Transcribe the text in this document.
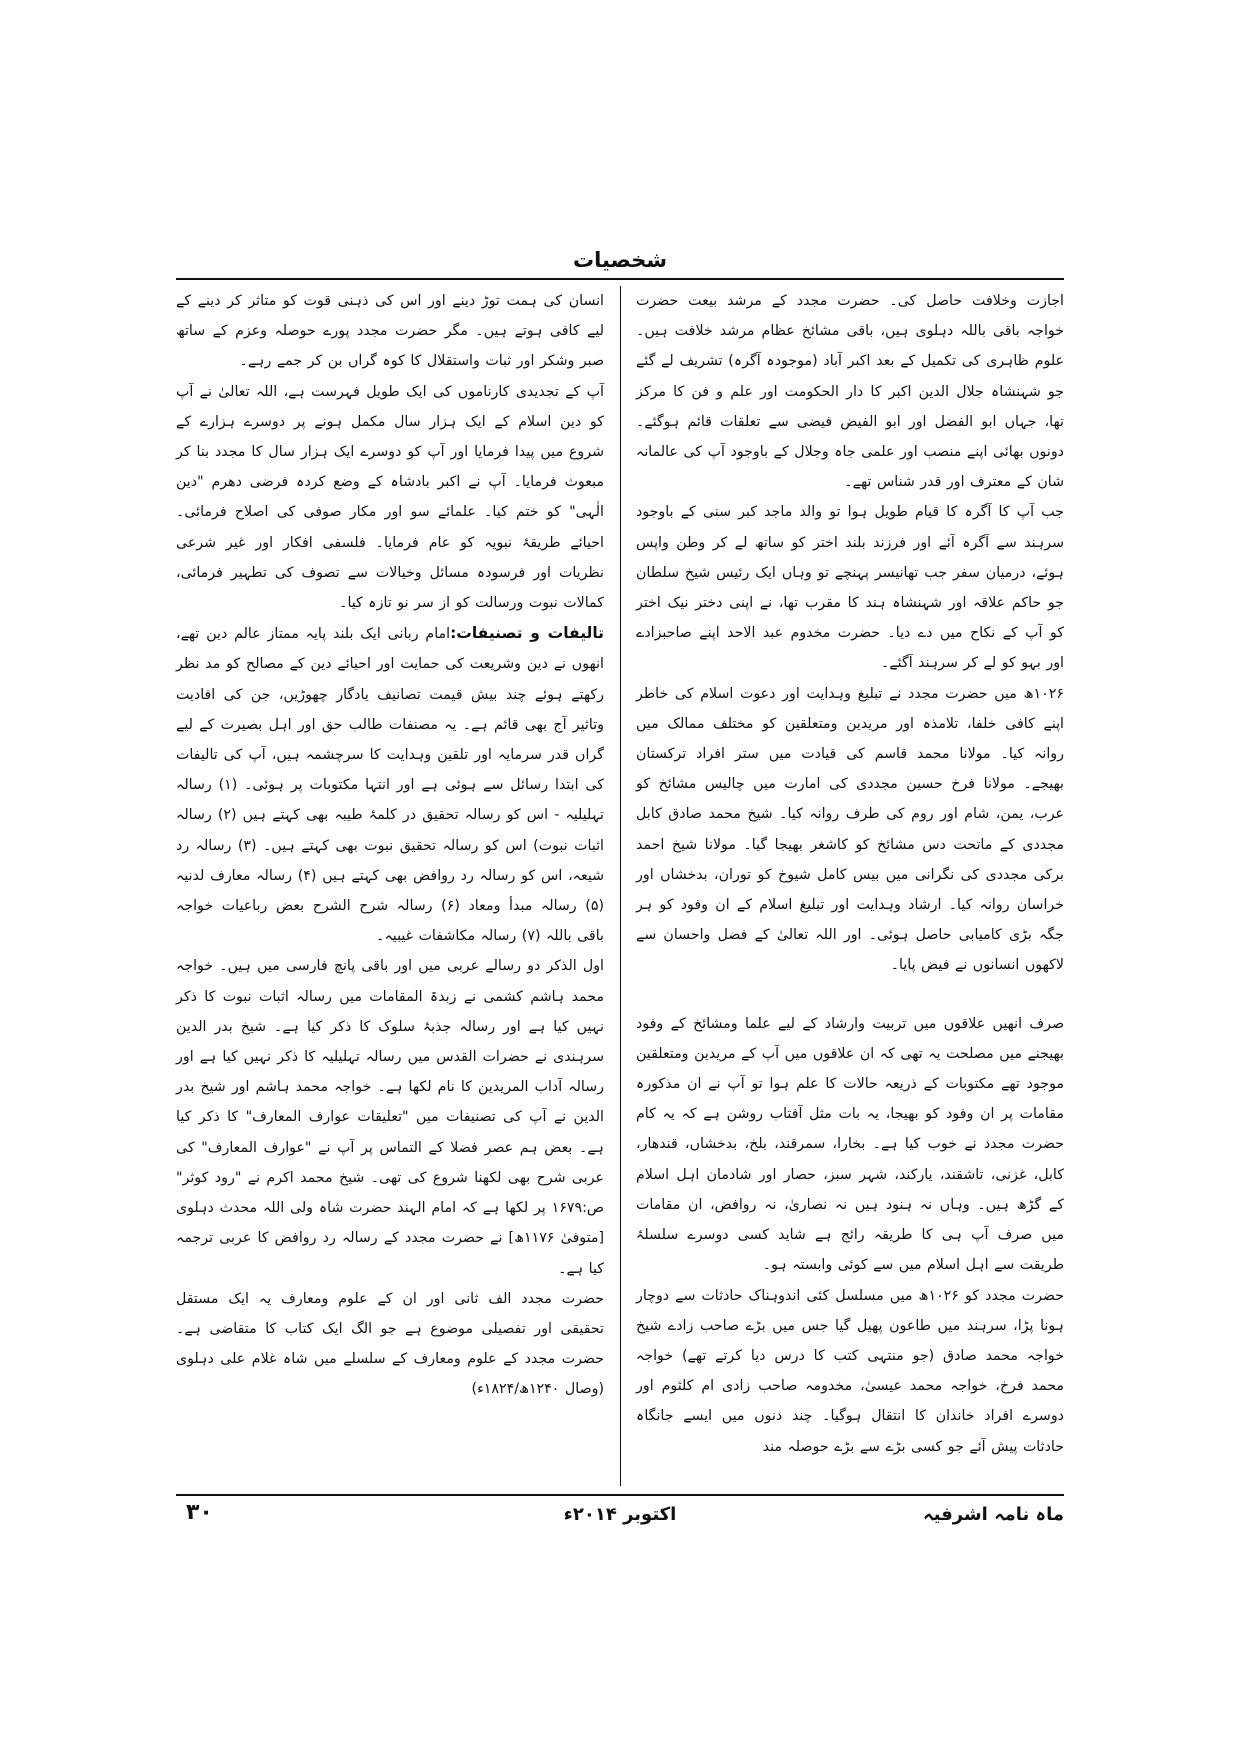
شخصیات

اجازت وخلافت حاصل کی۔ حضرت مجدد کے مرشد بیعت حضرت خواجہ باقی باللہ دہلوی ہیں، باقی مشائخ عظام مرشد خلافت ہیں۔ علوم ظاہری کی تکمیل کے بعد اکبر آباد (موجودہ آگرہ) تشریف لے گئے جو شہنشاہ جلال الدین اکبر کا دار الحکومت اور علم و فن کا مرکز تھا، جہاں ابو الفضل اور ابو الفیض فیضی سے تعلقات قائم ہوگئے۔ دونوں بھائی اپنے منصب اور علمی جاہ وجلال کے باوجود آپ کی عالمانہ شان کے معترف اور قدر شناس تھے۔

جب آپ کا آگرہ کا قیام طویل ہوا تو والد ماجد کبر سنی کے باوجود سرہند سے آگرہ آئے اور فرزند بلند اختر کو ساتھ لے کر وطن واپس ہوئے، درمیان سفر جب تھانیسر پہنچے تو وہاں ایک رئیس شیخ سلطان جو حاکم علاقہ اور شہنشاہ ہند کا مقرب تھا، نے اپنی دختر نیک اختر کو آپ کے نکاح میں دے دیا۔ حضرت مخدوم عبد الاحد اپنے صاحبزادے اور بہو کو لے کر سرہند آگئے۔

۱۰۲۶ھ میں حضرت مجدد نے تبلیغ وہدایت اور دعوت اسلام کی خاطر اپنے کافی خلفا، تلامذہ اور مریدین ومتعلقین کو مختلف ممالک میں روانہ کیا۔ مولانا محمد قاسم کی قیادت میں ستر افراد ترکستان بھیجے۔ مولانا فرخ حسین مجددی کی امارت میں چالیس مشائخ کو عرب، یمن، شام اور روم کی طرف روانہ کیا۔ شیخ محمد صادق کابل مجددی کے ماتحت دس مشائخ کو کاشغر بھیجا گیا۔ مولانا شیخ احمد برکی مجددی کی نگرانی میں بیس کامل شیوخ کو توران، بدخشاں اور خراسان روانہ کیا۔ ارشاد وہدایت اور تبلیغ اسلام کے ان وفود کو ہر جگہ بڑی کامیابی حاصل ہوئی۔ اور اللہ تعالیٰ کے فضل واحسان سے لاکھوں انسانوں نے فیض پایا۔

صرف انھیں علاقوں میں تربیت وارشاد کے لیے علما ومشائخ کے وفود بھیجنے میں مصلحت یہ تھی کہ ان علاقوں میں آپ کے مریدین ومتعلقین موجود تھے مکتوبات کے ذریعہ حالات کا علم ہوا تو آپ نے ان مذکورہ مقامات پر ان وفود کو بھیجا، یہ بات مثل آفتاب روشن ہے کہ یہ کام حضرت مجدد نے خوب کیا ہے۔ بخارا، سمرقند، بلخ، بدخشاں، قندھار، کابل، غزنی، تاشقند، یارکند، شہر سبز، حصار اور شادمان اہل اسلام کے گڑھ ہیں۔ وہاں نہ ہنود ہیں نہ نصاریٰ، نہ روافض، ان مقامات میں صرف آپ ہی کا طریقہ رائج ہے شاید کسی دوسرے سلسلۂ طریقت سے اہل اسلام میں سے کوئی وابستہ ہو۔

حضرت مجدد کو ۱۰۲۶ھ میں مسلسل کئی اندوہناک حادثات سے دوچار ہونا پڑا، سرہند میں طاعون پھیل گیا جس میں بڑے صاحب زادے شیخ خواجہ محمد صادق (جو منتہی کتب کا درس دیا کرتے تھے) خواجہ محمد فرخ، خواجہ محمد عیسیٰ، مخدومہ صاحب زادی ام کلثوم اور دوسرے افراد خاندان کا انتقال ہوگیا۔ چند دنوں میں ایسے جانگاہ حادثات پیش آئے جو کسی بڑے سے بڑے حوصلہ مند

انسان کی ہمت توڑ دینے اور اس کی ذہنی قوت کو متاثر کر دینے کے لیے کافی ہوتے ہیں۔ مگر حضرت مجدد پورے حوصلہ وعزم کے ساتھ صبر وشکر اور ثبات واستقلال کا کوہ گراں بن کر جمے رہے۔

آپ کے تجدیدی کارناموں کی ایک طویل فہرست ہے، اللہ تعالیٰ نے آپ کو دین اسلام کے ایک ہزار سال مکمل ہونے پر دوسرے ہزارے کے شروع میں پیدا فرمایا اور آپ کو دوسرے ایک ہزار سال کا مجدد بنا کر مبعوث فرمایا۔ آپ نے اکبر بادشاہ کے وضع کردہ فرضی دھرم "دین الٰہی" کو ختم کیا۔ علمائے سو اور مکار صوفی کی اصلاح فرمائی۔ احیائے طریقۂ نبویہ کو عام فرمایا۔ فلسفی افکار اور غیر شرعی نظریات اور فرسودہ مسائل وخیالات سے تصوف کی تطہیر فرمائی، کمالات نبوت ورسالت کو از سر نو تازہ کیا۔

تالیفات و تصنیفات:امام ربانی ایک بلند پایہ ممتاز عالم دین تھے، انھوں نے دین وشریعت کی حمایت اور احیائے دین کے مصالح کو مد نظر رکھتے ہوئے چند بیش قیمت تصانیف یادگار چھوڑیں، جن کی افادیت وتاثیر آج بھی قائم ہے۔ یہ مصنفات طالب حق اور اہل بصیرت کے لیے گراں قدر سرمایہ اور تلقین وہدایت کا سرچشمہ ہیں، آپ کی تالیفات کی ابتدا رسائل سے ہوئی ہے اور انتہا مکتوبات پر ہوئی۔ (۱) رسالہ تہلیلیہ - اس کو رسالہ تحقیق در کلمۂ طیبہ بھی کہتے ہیں (۲) رسالہ اثبات نبوت) اس کو رسالہ تحقیق نبوت بھی کہتے ہیں۔ (۳) رسالہ رد شیعہ، اس کو رسالہ رد روافض بھی کہتے ہیں (۴) رسالہ معارف لدنیہ (۵) رسالہ مبدأ ومعاد (۶) رسالہ شرح الشرح بعض رباعیات خواجہ باقی باللہ (۷) رسالہ مکاشفات غیبیہ۔

اول الذکر دو رسالے عربی میں اور باقی پانچ فارسی میں ہیں۔ خواجہ محمد ہاشم کشمی نے زبدۃ المقامات میں رسالہ اثبات نبوت کا ذکر نہیں کیا ہے اور رسالہ جذبۂ سلوک کا ذکر کیا ہے۔ شیخ بدر الدین سرہندی نے حضرات القدس میں رسالہ تہلیلیہ کا ذکر نہیں کیا ہے اور رسالہ آداب المریدین کا نام لکھا ہے۔ خواجہ محمد ہاشم اور شیخ بدر الدین نے آپ کی تصنیفات میں "تعلیقات عوارف المعارف" کا ذکر کیا ہے۔ بعض ہم عصر فضلا کے التماس پر آپ نے "عوارف المعارف" کی عربی شرح بھی لکھنا شروع کی تھی۔ شیخ محمد اکرم نے "رود کوثر" ص:۱۶۷۹ پر لکھا ہے کہ امام الہند حضرت شاہ ولی اللہ محدث دہلوی [متوفیٰ ۱۱۷۶ھ] نے حضرت مجدد کے رسالہ رد روافض کا عربی ترجمہ کیا ہے۔

حضرت مجدد الف ثانی اور ان کے علوم ومعارف یہ ایک مستقل تحقیقی اور تفصیلی موضوع ہے جو الگ ایک کتاب کا متقاضی ہے۔ حضرت مجدد کے علوم ومعارف کے سلسلے میں شاہ غلام علی دہلوی (وصال ۱۲۴۰ھ/۱۸۲۴ء)

ماہ نامہ اشرفیہ
اکتوبر ۲۰۱۴ء
۳۰
